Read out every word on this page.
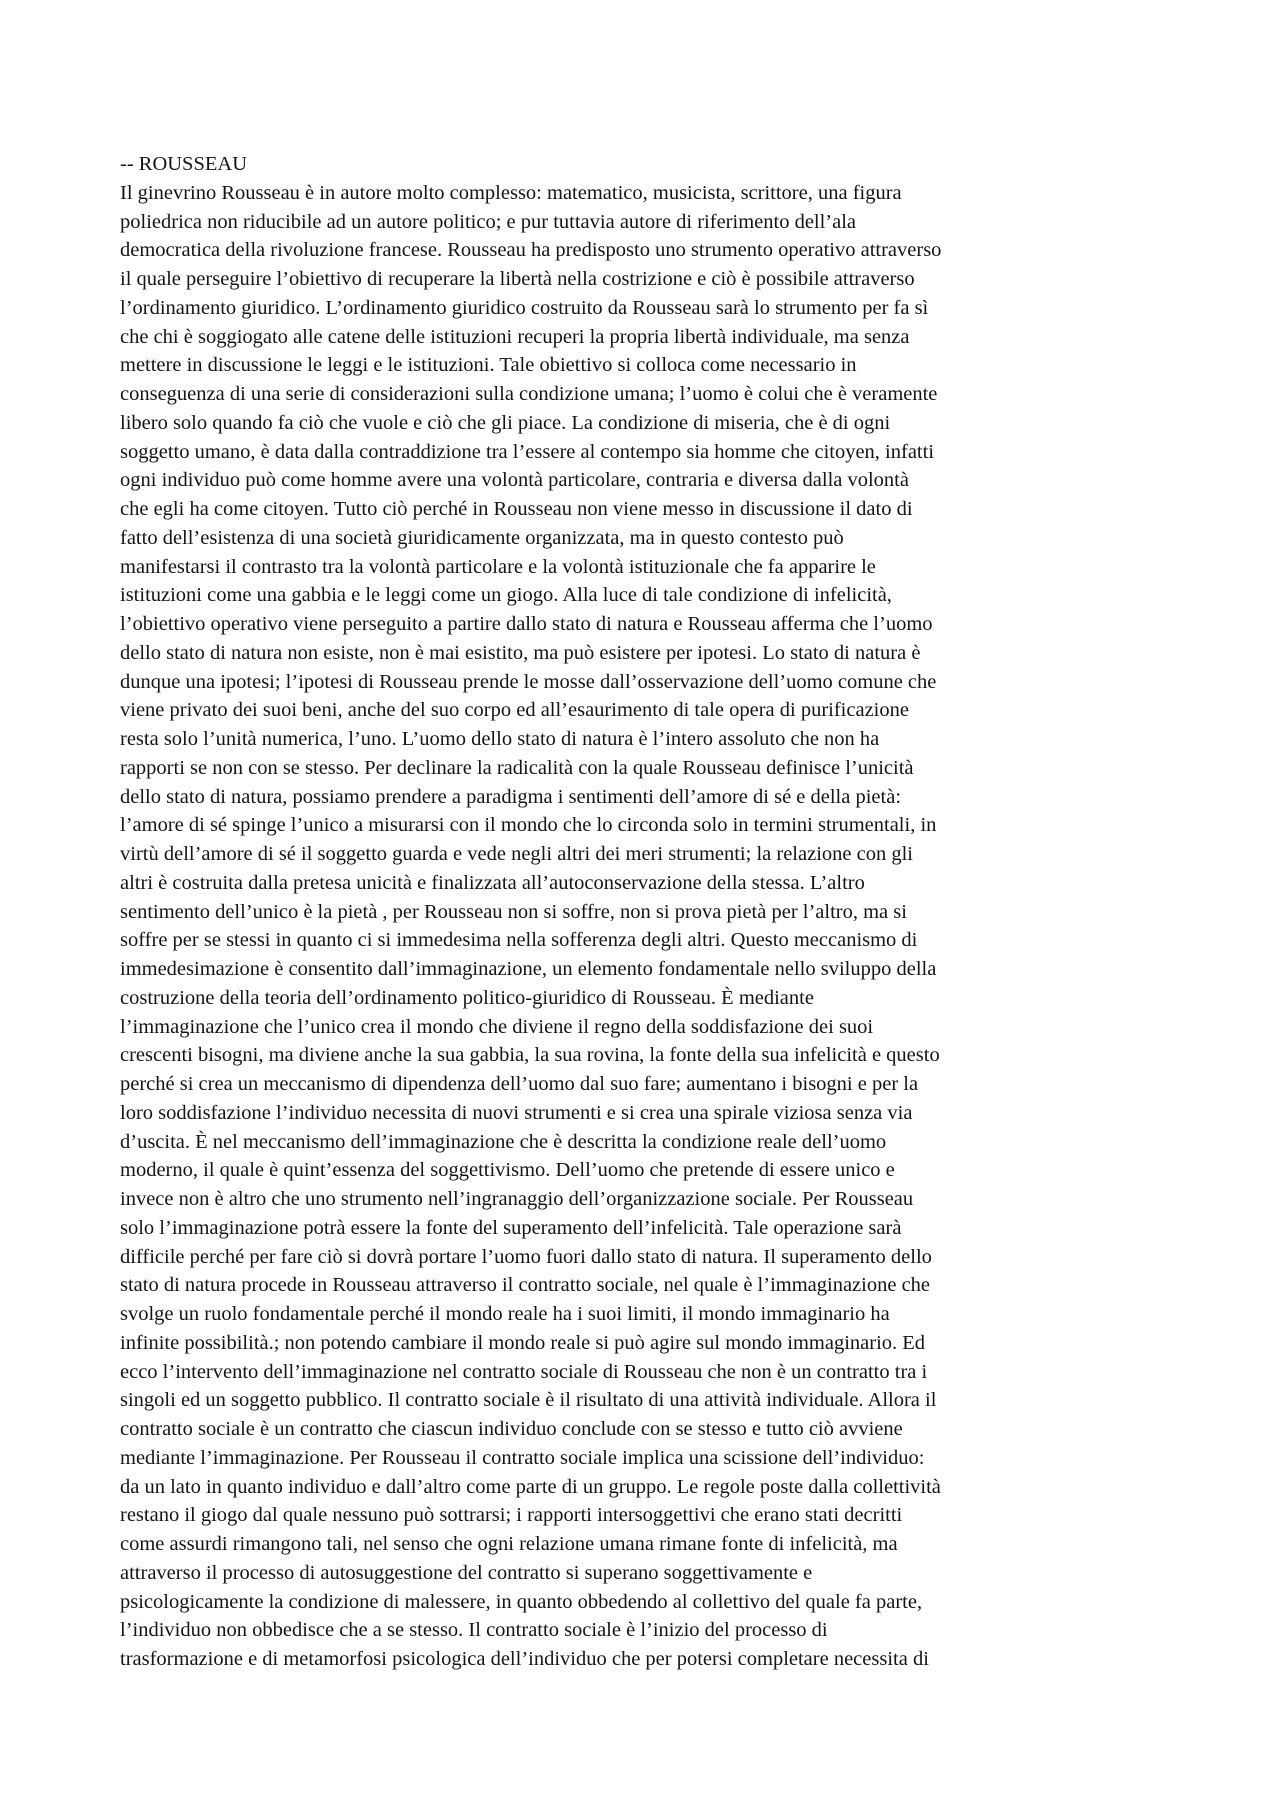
-- ROUSSEAU
Il ginevrino Rousseau è in autore molto complesso: matematico, musicista, scrittore, una figura
poliedrica non riducibile ad un autore politico; e pur tuttavia autore di riferimento dell’ala
democratica della rivoluzione francese. Rousseau ha predisposto uno strumento operativo attraverso
il quale perseguire l’obiettivo di recuperare la libertà nella costrizione e ciò è possibile attraverso
l’ordinamento giuridico. L’ordinamento giuridico costruito da Rousseau sarà lo strumento per fa sì
che chi è soggiogato alle catene delle istituzioni recuperi la propria libertà individuale, ma senza
mettere in discussione le leggi e le istituzioni. Tale obiettivo si colloca come necessario in
conseguenza di una serie di considerazioni sulla condizione umana; l’uomo è colui che è veramente
libero solo quando fa ciò che vuole e ciò che gli piace. La condizione di miseria, che è di ogni
soggetto umano, è data dalla contraddizione tra l’essere al contempo sia homme che citoyen, infatti
ogni individuo può come homme avere una volontà particolare, contraria e diversa dalla volontà
che egli ha come citoyen. Tutto ciò perché in Rousseau non viene messo in discussione il dato di
fatto dell’esistenza di una società giuridicamente organizzata, ma in questo contesto può
manifestarsi il contrasto tra la volontà particolare e la volontà istituzionale che fa apparire le
istituzioni come una gabbia e le leggi come un giogo. Alla luce di tale condizione di infelicità,
l’obiettivo operativo viene perseguito a partire dallo stato di natura e Rousseau afferma che l’uomo
dello stato di natura non esiste, non è mai esistito, ma può esistere per ipotesi. Lo stato di natura è
dunque una ipotesi; l’ipotesi di Rousseau prende le mosse dall’osservazione dell’uomo comune che
viene privato dei suoi beni, anche del suo corpo ed all’esaurimento di tale opera di purificazione
resta solo l’unità numerica, l’uno. L’uomo dello stato di natura è l’intero assoluto che non ha
rapporti se non con se stesso. Per declinare la radicalità con la quale Rousseau definisce l’unicità
dello stato di natura, possiamo prendere a paradigma i sentimenti dell’amore di sé e della pietà:
l’amore di sé spinge l’unico a misurarsi con il mondo che lo circonda solo in termini strumentali, in
virtù dell’amore di sé il soggetto guarda e vede negli altri dei meri strumenti; la relazione con gli
altri è costruita dalla pretesa unicità e finalizzata all’autoconservazione della stessa. L’altro
sentimento dell’unico è la pietà , per Rousseau non si soffre, non si prova pietà per l’altro, ma si
soffre per se stessi in quanto ci si immedesima nella sofferenza degli altri. Questo meccanismo di
immedesimazione è consentito dall’immaginazione, un elemento fondamentale nello sviluppo della
costruzione della teoria dell’ordinamento politico-giuridico di Rousseau. È mediante
l’immaginazione che l’unico crea il mondo che diviene il regno della soddisfazione dei suoi
crescenti bisogni, ma diviene anche la sua gabbia, la sua rovina, la fonte della sua infelicità e questo
perché si crea un meccanismo di dipendenza dell’uomo dal suo fare; aumentano i bisogni e per la
loro soddisfazione l’individuo necessita di nuovi strumenti e si crea una spirale viziosa senza via
d’uscita. È nel meccanismo dell’immaginazione che è descritta la condizione reale dell’uomo
moderno, il quale è quint’essenza del soggettivismo. Dell’uomo che pretende di essere unico e
invece non è altro che uno strumento nell’ingranaggio dell’organizzazione sociale. Per Rousseau
solo l’immaginazione potrà essere la fonte del superamento dell’infelicità. Tale operazione sarà
difficile perché per fare ciò si dovrà portare l’uomo fuori dallo stato di natura. Il superamento dello
stato di natura procede in Rousseau attraverso il contratto sociale, nel quale è l’immaginazione che
svolge un ruolo fondamentale perché il mondo reale ha i suoi limiti, il mondo immaginario ha
infinite possibilità.; non potendo cambiare il mondo reale si può agire sul mondo immaginario. Ed
ecco l’intervento dell’immaginazione nel contratto sociale di Rousseau che non è un contratto tra i
singoli ed un soggetto pubblico. Il contratto sociale è il risultato di una attività individuale. Allora il
contratto sociale è un contratto che ciascun individuo conclude con se stesso e tutto ciò avviene
mediante l’immaginazione. Per Rousseau il contratto sociale implica una scissione dell’individuo:
da un lato in quanto individuo e dall’altro come parte di un gruppo. Le regole poste dalla collettività
restano il giogo dal quale nessuno può sottrarsi; i rapporti intersoggettivi che erano stati decritti
come assurdi rimangono tali, nel senso che ogni relazione umana rimane fonte di infelicità, ma
attraverso il processo di autosuggestione del contratto si superano soggettivamente e
psicologicamente la condizione di malessere, in quanto obbedendo al collettivo del quale fa parte,
l’individuo non obbedisce che a se stesso. Il contratto sociale è l’inizio del processo di
trasformazione e di metamorfosi psicologica dell’individuo che per potersi completare necessita di
